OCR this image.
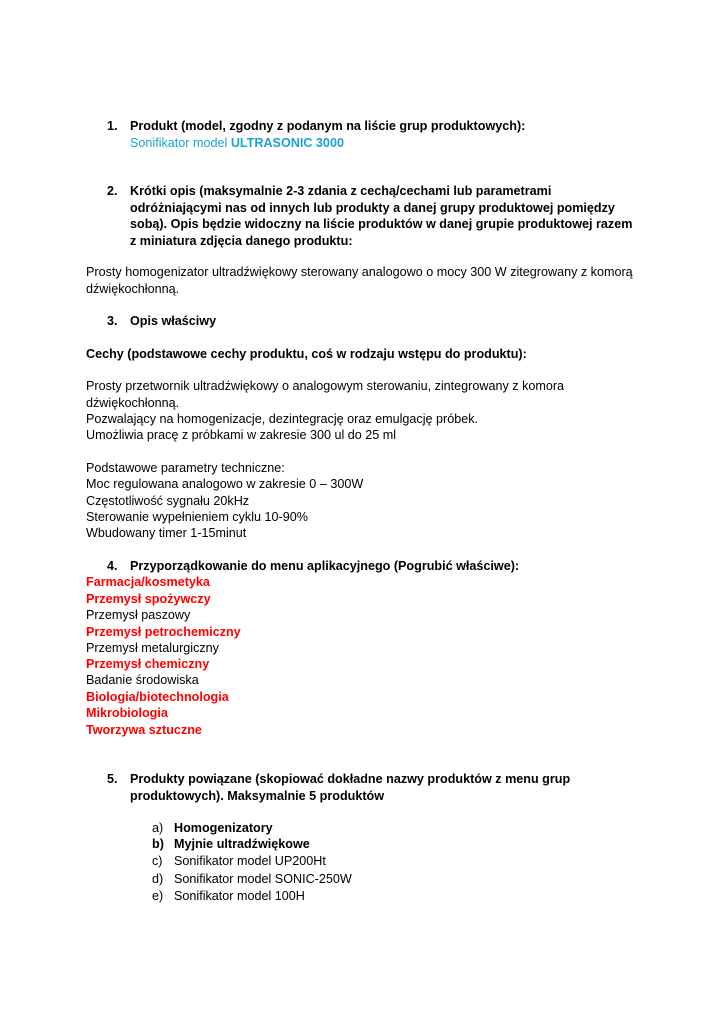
1. Produkt (model, zgodny z podanym na liście grup produktowych):
Sonifikator model ULTRASONIC 3000
2. Krótki opis (maksymalnie 2-3 zdania z cechą/cechami lub parametrami odróżniającymi nas od innych lub produkty a danej grupy produktowej pomiędzy sobą). Opis będzie widoczny na liście produktów w danej grupie produktowej razem z miniatura zdjęcia danego produktu:
Prosty homogenizator ultradźwiękowy sterowany analogowo o mocy 300 W zitegrowany z komorą dźwiękochłonną.
3. Opis właściwy
Cechy (podstawowe cechy produktu, coś w rodzaju wstępu do produktu):
Prosty przetwornik ultradźwiękowy o analogowym sterowaniu, zintegrowany z komora dźwiękochłonną.
Pozwalający na homogenizacje, dezintegrację oraz emulgację próbek.
Umożliwia pracę z próbkami w zakresie 300 ul do 25 ml
Podstawowe parametry techniczne:
Moc regulowana analogowo w zakresie 0 – 300W
Częstotliwość sygnału 20kHz
Sterowanie wypełnieniem cyklu 10-90%
Wbudowany timer 1-15minut
4. Przyporządkowanie do menu aplikacyjnego (Pogrubić właściwe):
Farmacja/kosmetyka
Przemysł spożywczy
Przemysł paszowy
Przemysł petrochemiczny
Przemysł metalurgiczny
Przemysł chemiczny
Badanie środowiska
Biologia/biotechnologia
Mikrobiologia
Tworzywa sztuczne
5. Produkty powiązane (skopiować dokładne nazwy produktów z menu grup produktowych). Maksymalnie 5 produktów
a) Homogenizatory
b) Myjnie ultradźwiękowe
c) Sonifikator model UP200Ht
d) Sonifikator model SONIC-250W
e) Sonifikator model 100H
